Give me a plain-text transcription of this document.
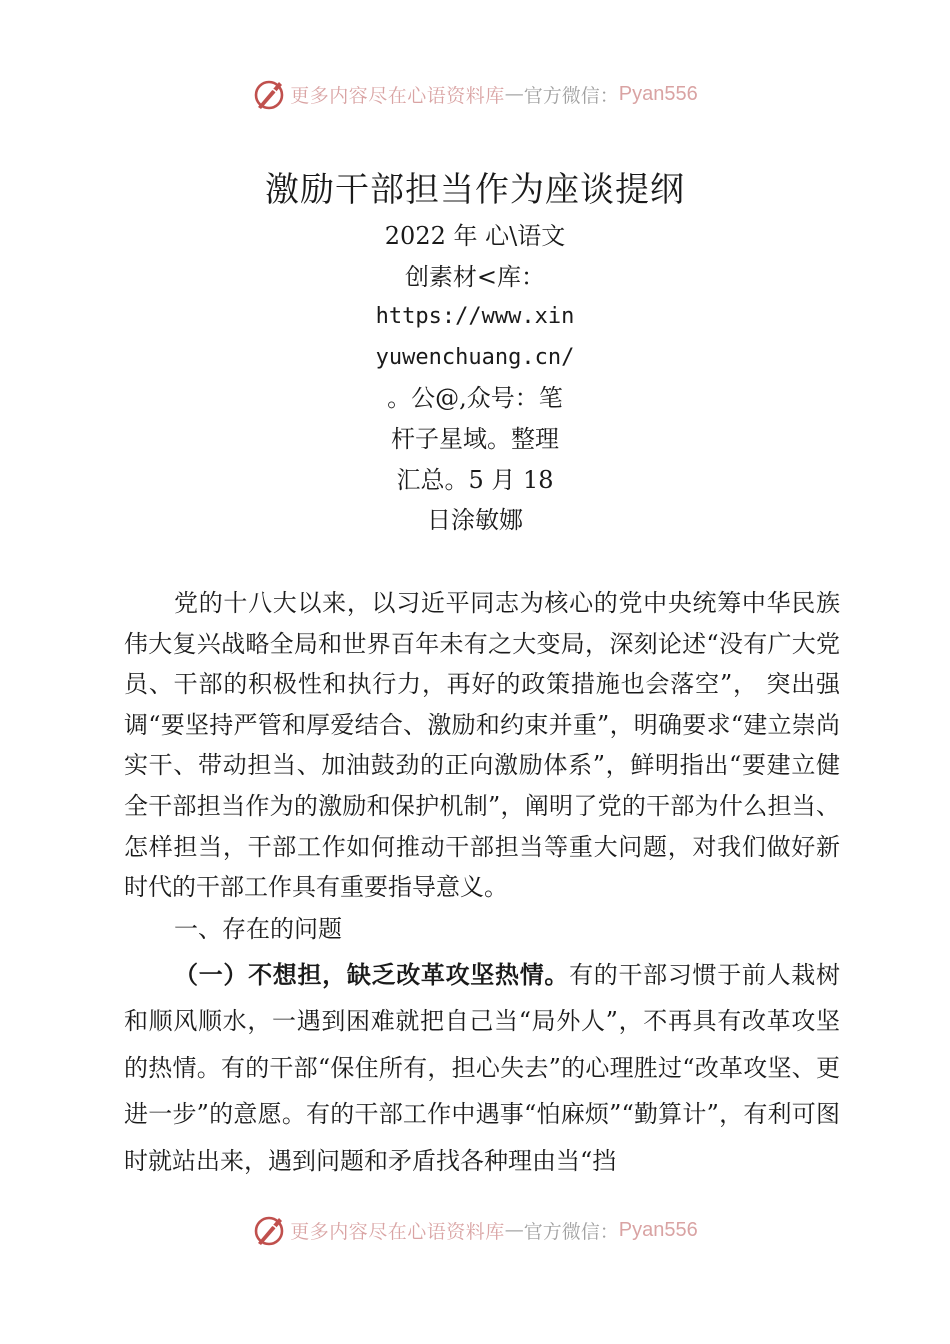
更多内容尽在心语资料库 — 官方微信： Pyan556
激励干部担当作为座谈提纲
2022 年 心\语文
创素材<库：
https://www.xin
yuwenchuang.cn/
。公@,众号：笔
杆子星域。整理
汇总。5 月 18
日涂敏娜

党的十八大以来，以习近平同志为核心的党中央统筹中华民族伟大复兴战略全局和世界百年未有之大变局，深刻论述“没有广大党员、干部的积极性和执行力，再好的政策措施也会落空”， 突出强调“要坚持严管和厚爱结合、激励和约束并重”，明确要求“建立崇尚实干、带动担当、加油鼓劲的正向激励体系”，鲜明指出“要建立健全干部担当作为的激励和保护机制”，阐明了党的干部为什么担当、怎样担当，干部工作如何推动干部担当等重大问题，对我们做好新时代的干部工作具有重要指导意义。

一、存在的问题

（一）不想担，缺乏改革攻坚热情。有的干部习惯于前人栽树和顺风顺水，一遇到困难就把自己当“局外人”，不再具有改革攻坚的热情。有的干部“保住所有，担心失去”的心理胜过“改革攻坚、更进一步”的意愿。有的干部工作中遇事“怕麻烦”“勤算计”，有利可图时就站出来，遇到问题和矛盾找各种理由当“挡

更多内容尽在心语资料库 — 官方微信： Pyan556
